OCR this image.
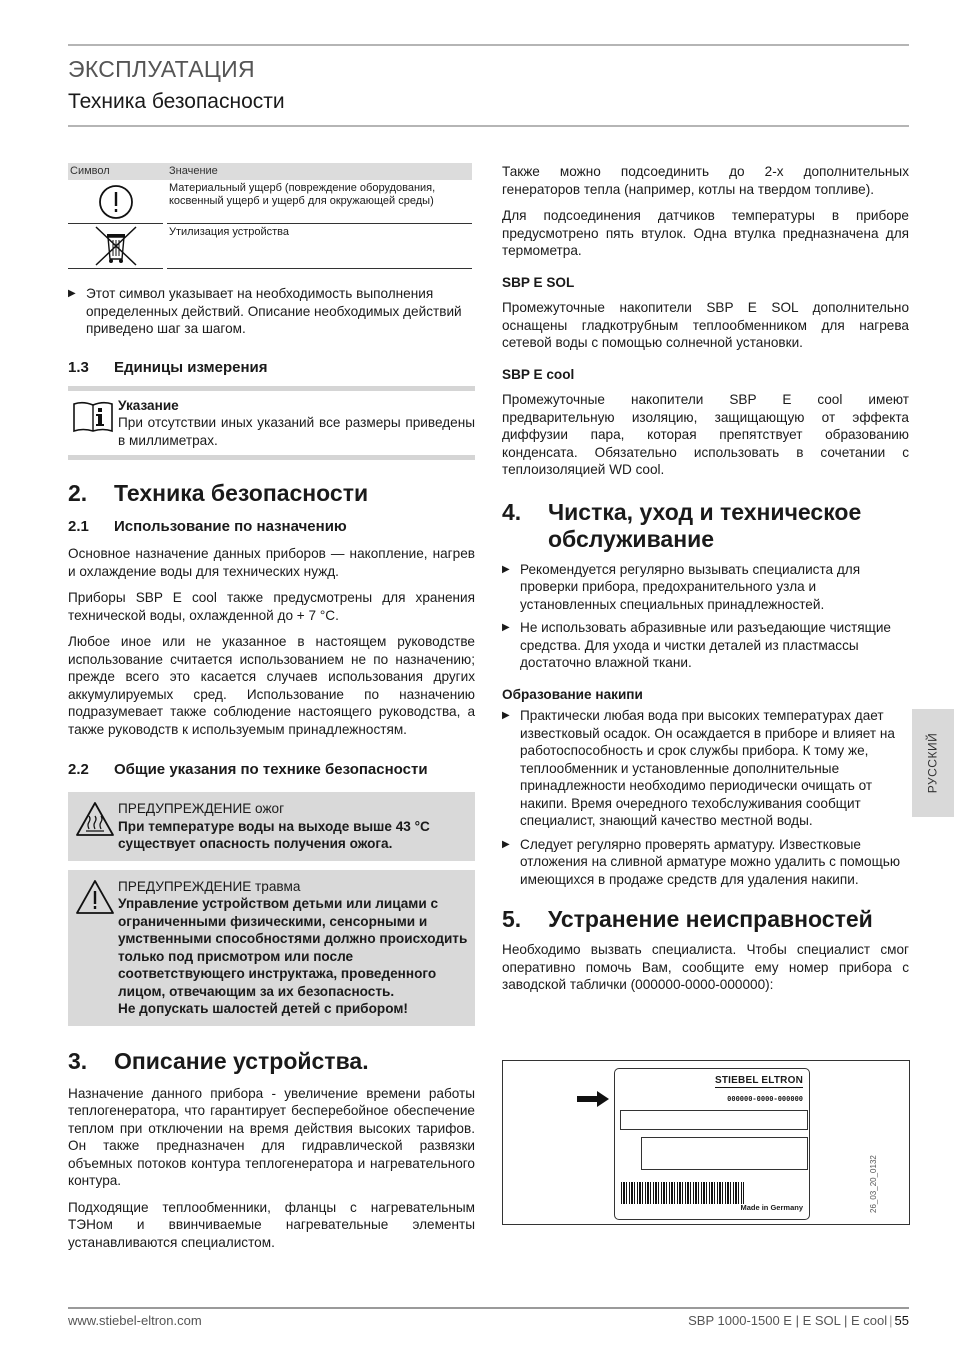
ЭКСПЛУАТАЦИЯ
Техника безопасности
Символ	Значение
Материальный ущерб (повреждение оборудования, косвенный ущерб и ущерб для окружающей среды)
Утилизация устройства
▶ Этот символ указывает на необходимость выполнения определенных действий. Описание необходимых действий приведено шаг за шагом.
1.3	Единицы измерения
Указание
При отсутствии иных указаний все размеры приведены в миллиметрах.
2.	Техника безопасности
2.1	Использование по назначению

Основное назначение данных приборов — накопление, нагрев и охлаждение воды для технических нужд.

Приборы SBP E cool также предусмотрены для хранения технической воды, охлажденной до + 7 °C.

Любое иное или не указанное в настоящем руководстве использование считается использованием не по назначению; прежде всего это касается случаев использования других аккумулируемых сред. Использование по назначению подразумевает также соблюдение настоящего руководства, а также руководств к используемым принадлежностям.

2.2	Общие указания по технике безопасности
ПРЕДУПРЕЖДЕНИЕ ожог
При температуре воды на выходе выше 43 °C существует опасность получения ожога.
ПРЕДУПРЕЖДЕНИЕ травма
Управление устройством детьми или лицами с ограниченными физическими, сенсорными и умственными способностями должно происходить только под присмотром или после соответствующего инструктажа, проведенного лицом, отвечающим за их безопасность.
Не допускать шалостей детей с прибором!
3.	Описание устройства.

Назначение данного прибора - увеличение времени работы теплогенератора, что гарантирует бесперебойное обеспечение теплом при отключении на время действия высоких тарифов. Он также предназначен для гидравлической развязки объемных потоков контура теплогенератора и нагревательного контура.

Подходящие теплообменники, фланцы с нагревательным ТЭНом и ввинчиваемые нагревательные элементы устанавливаются специалистом.

Также можно подсоединить до 2-х дополнительных генераторов тепла (например, котлы на твердом топливе).

Для подсоединения датчиков температуры в приборе предусмотрено пять втулок. Одна втулка предназначена для термометра.

SBP E SOL

Промежуточные накопители SBP E SOL дополнительно оснащены гладкотрубным теплообменником для нагрева сетевой воды с помощью солнечной установки.

SBP E cool

Промежуточные накопители SBP E cool имеют предварительную изоляцию, защищающую от эффекта диффузии пара, которая препятствует образованию конденсата. Обязательно использовать в сочетании с теплоизоляцией WD cool.

4.	Чистка, уход и техническое обслуживание
▶ Рекомендуется регулярно вызывать специалиста для проверки прибора, предохранительного узла и установленных специальных принадлежностей.
▶ Не использовать абразивные или разъедающие чистящие средства. Для ухода и чистки деталей из пластмассы достаточно влажной ткани.
Образование накипи
▶ Практически любая вода при высоких температурах дает известковый осадок. Он осаждается в приборе и влияет на работоспособность и срок службы прибора. К тому же, теплообменник и установленные дополнительные принадлежности необходимо периодически очищать от накипи. Время очередного техобслуживания сообщит специалист, знающий качество местной воды.
▶ Следует регулярно проверять арматуру. Известковые отложения на сливной арматуре можно удалить с помощью имеющихся в продаже средств для удаления накипи.
5.	Устранение неисправностей

Необходимо вызвать специалиста. Чтобы специалист смог оперативно помочь Вам, сообщите ему номер прибора с заводской таблички (000000-0000-000000):

STIEBEL ELTRON
000000-0000-000000
Made in Germany	26_03_20_0132
РУССКИЙ
www.stiebel-eltron.com	SBP 1000-1500 E | E SOL | E cool | 55
